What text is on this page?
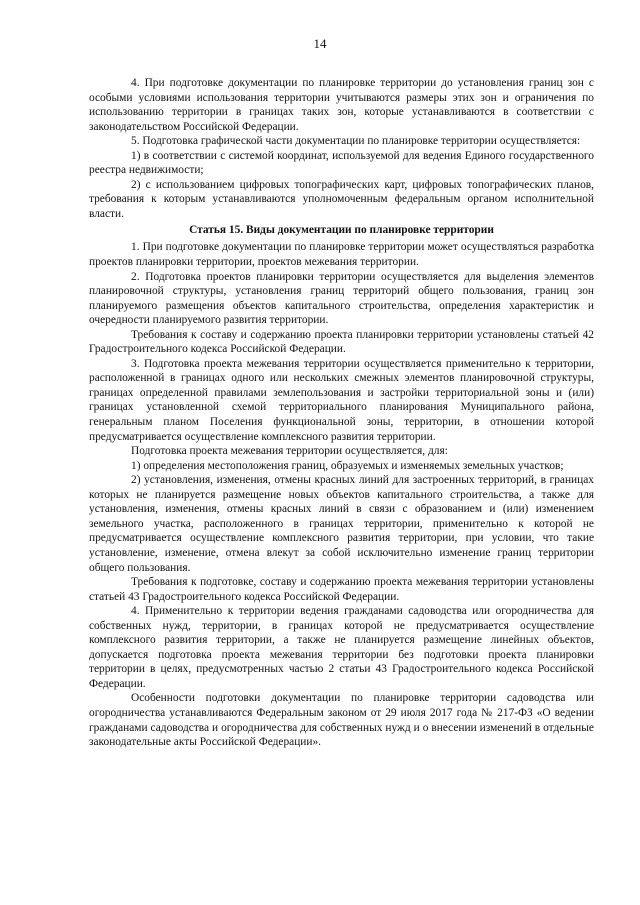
14

4. При подготовке документации по планировке территории до установления границ зон с особыми условиями использования территории учитываются размеры этих зон и ограничения по использованию территории в границах таких зон, которые устанавливаются в соответствии с законодательством Российской Федерации.

5. Подготовка графической части документации по планировке территории осуществляется:

1) в соответствии с системой координат, используемой для ведения Единого государственного реестра недвижимости;

2) с использованием цифровых топографических карт, цифровых топографических планов, требования к которым устанавливаются уполномоченным федеральным органом исполнительной власти.

Статья 15. Виды документации по планировке территории

1. При подготовке документации по планировке территории может осуществляться разработка проектов планировки территории, проектов межевания территории.

2. Подготовка проектов планировки территории осуществляется для выделения элементов планировочной структуры, установления границ территорий общего пользования, границ зон планируемого размещения объектов капитального строительства, определения характеристик и очередности планируемого развития территории.

Требования к составу и содержанию проекта планировки территории установлены статьей 42 Градостроительного кодекса Российской Федерации.

3. Подготовка проекта межевания территории осуществляется применительно к территории, расположенной в границах одного или нескольких смежных элементов планировочной структуры, границах определенной правилами землепользования и застройки территориальной зоны и (или) границах установленной схемой территориального планирования Муниципального района, генеральным планом Поселения функциональной зоны, территории, в отношении которой предусматривается осуществление комплексного развития территории.

Подготовка проекта межевания территории осуществляется, для:

1) определения местоположения границ, образуемых и изменяемых земельных участков;

2) установления, изменения, отмены красных линий для застроенных территорий, в границах которых не планируется размещение новых объектов капитального строительства, а также для установления, изменения, отмены красных линий в связи с образованием и (или) изменением земельного участка, расположенного в границах территории, применительно к которой не предусматривается осуществление комплексного развития территории, при условии, что такие установление, изменение, отмена влекут за собой исключительно изменение границ территории общего пользования.

Требования к подготовке, составу и содержанию проекта межевания территории установлены статьей 43 Градостроительного кодекса Российской Федерации.

4. Применительно к территории ведения гражданами садоводства или огородничества для собственных нужд, территории, в границах которой не предусматривается осуществление комплексного развития территории, а также не планируется размещение линейных объектов, допускается подготовка проекта межевания территории без подготовки проекта планировки территории в целях, предусмотренных частью 2 статьи 43 Градостроительного кодекса Российской Федерации.

Особенности подготовки документации по планировке территории садоводства или огородничества устанавливаются Федеральным законом от 29 июля 2017 года № 217-ФЗ «О ведении гражданами садоводства и огородничества для собственных нужд и о внесении изменений в отдельные законодательные акты Российской Федерации».
